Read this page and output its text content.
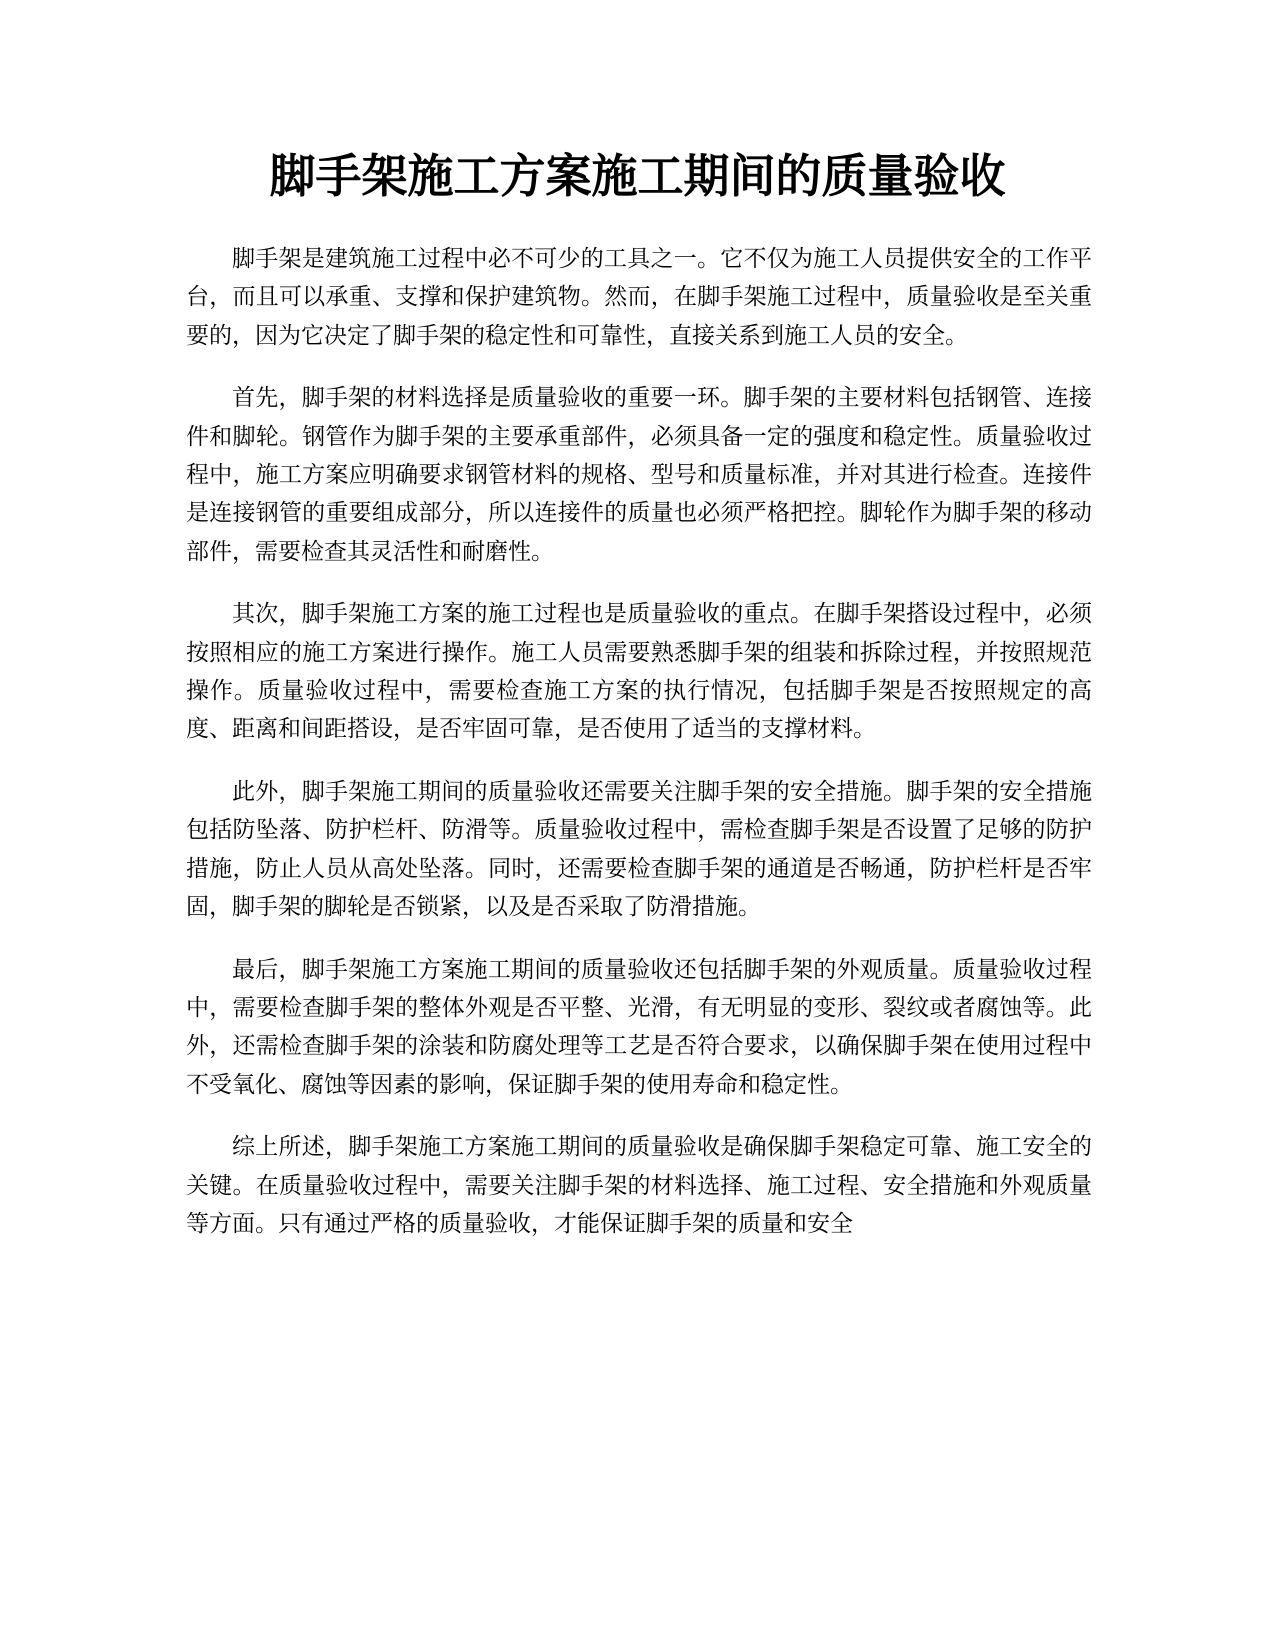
脚手架施工方案施工期间的质量验收

脚手架是建筑施工过程中必不可少的工具之一。它不仅为施工人员提供安全的工作平台，而且可以承重、支撑和保护建筑物。然而，在脚手架施工过程中，质量验收是至关重要的，因为它决定了脚手架的稳定性和可靠性，直接关系到施工人员的安全。

首先，脚手架的材料选择是质量验收的重要一环。脚手架的主要材料包括钢管、连接件和脚轮。钢管作为脚手架的主要承重部件，必须具备一定的强度和稳定性。质量验收过程中，施工方案应明确要求钢管材料的规格、型号和质量标准，并对其进行检查。连接件是连接钢管的重要组成部分，所以连接件的质量也必须严格把控。脚轮作为脚手架的移动部件，需要检查其灵活性和耐磨性。

其次，脚手架施工方案的施工过程也是质量验收的重点。在脚手架搭设过程中，必须按照相应的施工方案进行操作。施工人员需要熟悉脚手架的组装和拆除过程，并按照规范操作。质量验收过程中，需要检查施工方案的执行情况，包括脚手架是否按照规定的高度、距离和间距搭设，是否牢固可靠，是否使用了适当的支撑材料。

此外，脚手架施工期间的质量验收还需要关注脚手架的安全措施。脚手架的安全措施包括防坠落、防护栏杆、防滑等。质量验收过程中，需检查脚手架是否设置了足够的防护措施，防止人员从高处坠落。同时，还需要检查脚手架的通道是否畅通，防护栏杆是否牢固，脚手架的脚轮是否锁紧，以及是否采取了防滑措施。

最后，脚手架施工方案施工期间的质量验收还包括脚手架的外观质量。质量验收过程中，需要检查脚手架的整体外观是否平整、光滑，有无明显的变形、裂纹或者腐蚀等。此外，还需检查脚手架的涂装和防腐处理等工艺是否符合要求，以确保脚手架在使用过程中不受氧化、腐蚀等因素的影响，保证脚手架的使用寿命和稳定性。

综上所述，脚手架施工方案施工期间的质量验收是确保脚手架稳定可靠、施工安全的关键。在质量验收过程中，需要关注脚手架的材料选择、施工过程、安全措施和外观质量等方面。只有通过严格的质量验收，才能保证脚手架的质量和安全
